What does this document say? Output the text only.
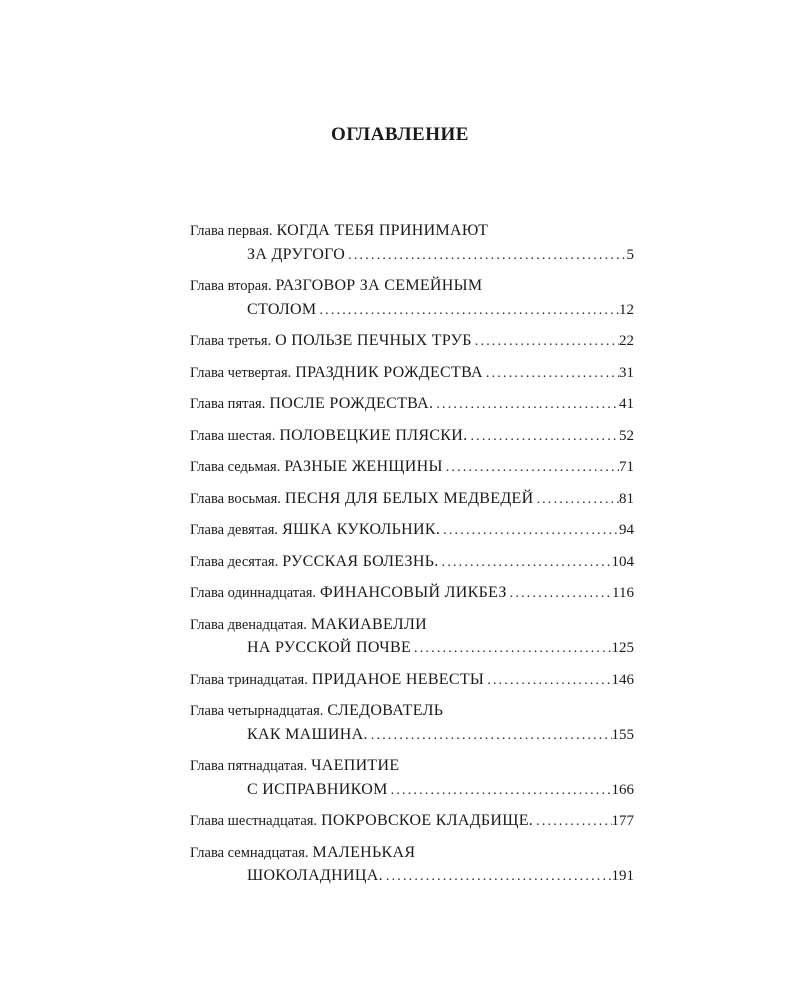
ОГЛАВЛЕНИЕ
Глава первая.
КОГДА ТЕБЯ ПРИНИМАЮТ
ЗА ДРУГОГО .....	5
Глава вторая.
РАЗГОВОР ЗА СЕМЕЙНЫМ
СТОЛОМ .....	12
Глава третья.
О ПОЛЬЗЕ ПЕЧНЫХ ТРУБ .....	22
Глава четвертая.
ПРАЗДНИК РОЖДЕСТВА .....	31
Глава пятая.
ПОСЛЕ РОЖДЕСТВА. .....	41
Глава шестая.
ПОЛОВЕЦКИЕ ПЛЯСКИ. .....	52
Глава седьмая.
РАЗНЫЕ ЖЕНЩИНЫ .....	71
Глава восьмая.
ПЕСНЯ ДЛЯ БЕЛЫХ МЕДВЕДЕЙ .....	81
Глава девятая.
ЯШКА КУКОЛЬНИК. .....	94
Глава десятая.
РУССКАЯ БОЛЕЗНЬ. .....	104
Глава одиннадцатая.
ФИНАНСОВЫЙ ЛИКБЕЗ .....	116
Глава двенадцатая.
МАКИАВЕЛЛИ
НА РУССКОЙ ПОЧВЕ .....	125
Глава тринадцатая.
ПРИДАНОЕ НЕВЕСТЫ .....	146
Глава четырнадцатая.
СЛЕДОВАТЕЛЬ
КАК МАШИНА. .....	155
Глава пятнадцатая.
ЧАЕПИТИЕ
С ИСПРАВНИКОМ .....	166
Глава шестнадцатая.
ПОКРОВСКОЕ КЛАДБИЩЕ. .....	177
Глава семнадцатая.
МАЛЕНЬКАЯ
ШОКОЛАДНИЦА. .....	191
